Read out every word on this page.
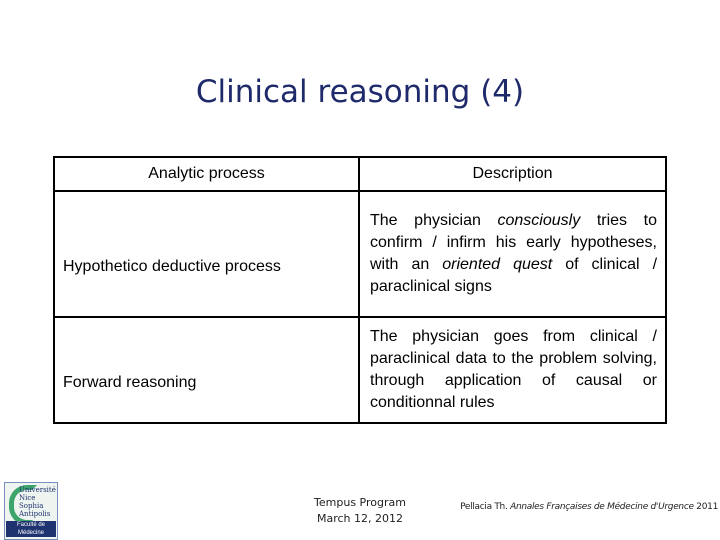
Clinical reasoning (4)
Analytic process	Description

Hypothetico deductive process	The physician consciously tries to confirm / infirm his early hypotheses, with an oriented quest of clinical / paraclinical signs

Forward reasoning	The physician goes from clinical / paraclinical data to the problem solving, through application of causal or conditionnal rules
Université
Nice
Sophia Antipolis
Faculté de Médecine
Tempus Program
March 12, 2012
Pellacia Th. Annales Françaises de Médecine d'Urgence 2011
